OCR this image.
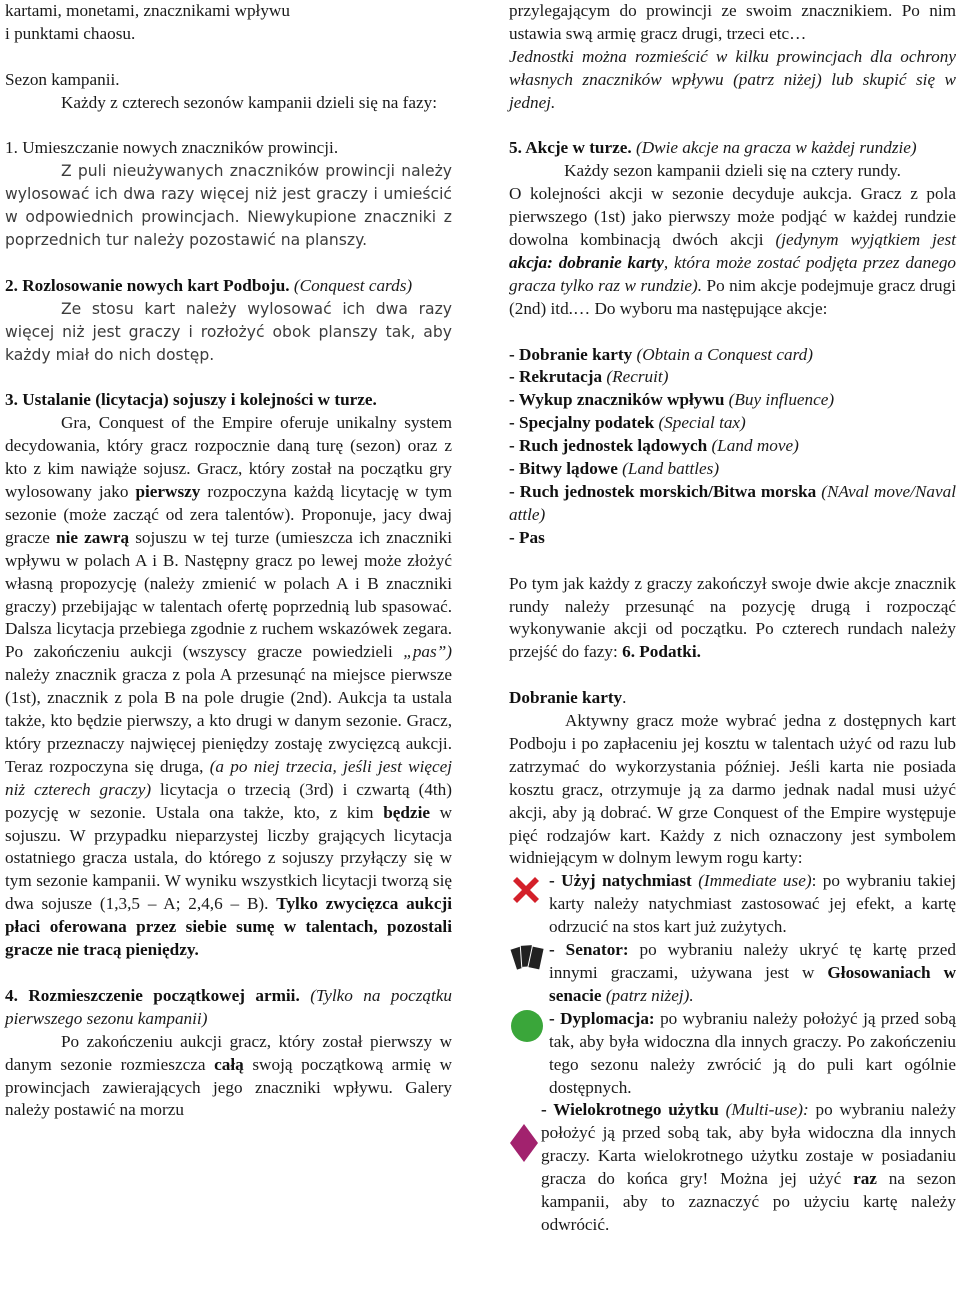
kartami, monetami, znacznikami wpływu
i punktami chaosu.

Sezon kampanii.

Każdy z czterech sezonów kampanii dzieli się na fazy:

1. Umieszczanie nowych znaczników prowincji.

Z puli nieużywanych znaczników prowincji należy wylosować ich dwa razy więcej niż jest graczy i umieścić w odpowiednich prowincjach. Niewykupione znaczniki z poprzednich tur należy pozostawić na planszy.

2. Rozlosowanie nowych kart Podboju. (Conquest cards)

Ze stosu kart należy wylosować ich dwa razy więcej niż jest graczy i rozłożyć obok planszy tak, aby każdy miał do nich dostęp.

3. Ustalanie (licytacja) sojuszy i kolejności w turze.

Gra, Conquest of the Empire oferuje unikalny system decydowania, który gracz rozpocznie daną turę (sezon) oraz z kto z kim nawiąże sojusz. Gracz, który został na początku gry wylosowany jako pierwszy rozpoczyna każdą licytację w tym sezonie (może zacząć od zera talentów). Proponuje, jacy dwaj gracze nie zawrą sojuszu w tej turze (umieszcza ich znaczniki wpływu w polach A i B. Następny gracz po lewej może złożyć własną propozycję (należy zmienić w polach A i B znaczniki graczy) przebijając w talentach ofertę poprzednią lub spasować. Dalsza licytacja przebiega zgodnie z ruchem wskazówek zegara. Po zakończeniu aukcji (wszyscy gracze powiedzieli „pas”) należy znacznik gracza z pola A przesunąć na miejsce pierwsze (1st), znacznik z pola B na pole drugie (2nd). Aukcja ta ustala także, kto będzie pierwszy, a kto drugi w danym sezonie. Gracz, który przeznaczy najwięcej pieniędzy zostaję zwycięzcą aukcji. Teraz rozpoczyna się druga, (a po niej trzecia, jeśli jest więcej niż czterech graczy) licytacja o trzecią (3rd) i czwartą (4th) pozycję w sezonie. Ustala ona także, kto, z kim będzie w sojuszu. W przypadku nieparzystej liczby grających licytacja ostatniego gracza ustala, do którego z sojuszy przyłączy się w tym sezonie kampanii. W wyniku wszystkich licytacji tworzą się dwa sojusze (1,3,5 – A; 2,4,6 – B). Tylko zwycięzca aukcji płaci oferowana przez siebie sumę w talentach, pozostali gracze nie tracą pieniędzy.

4. Rozmieszczenie początkowej armii. (Tylko na początku pierwszego sezonu kampanii)

Po zakończeniu aukcji gracz, który został pierwszy w danym sezonie rozmieszcza całą swoją początkową armię w prowincjach zawierających jego znaczniki wpływu. Galery należy postawić na morzu

przylegającym do prowincji ze swoim znacznikiem. Po nim ustawia swą armię gracz drugi, trzeci etc…

Jednostki można rozmieścić w kilku prowincjach dla ochrony własnych znaczników wpływu (patrz niżej) lub skupić się w jednej.

5. Akcje w turze. (Dwie akcje na gracza w każdej rundzie)

Każdy sezon kampanii dzieli się na cztery rundy.

O kolejności akcji w sezonie decyduje aukcja. Gracz z pola pierwszego (1st) jako pierwszy może podjąć w każdej rundzie dowolna kombinacją dwóch akcji (jedynym wyjątkiem jest akcja: dobranie karty, która może zostać podjęta przez danego gracza tylko raz w rundzie). Po nim akcje podejmuje gracz drugi (2nd) itd.… Do wyboru ma następujące akcje:

- Dobranie karty (Obtain a Conquest card)

- Rekrutacja (Recruit)

- Wykup znaczników wpływu (Buy influence)

- Specjalny podatek (Special tax)

- Ruch jednostek lądowych (Land move)

- Bitwy lądowe (Land battles)

- Ruch jednostek morskich/Bitwa morska (NAval move/Naval attle)

- Pas

Po tym jak każdy z graczy zakończył swoje dwie akcje znacznik rundy należy przesunąć na pozycję drugą i rozpocząć wykonywanie akcji od początku. Po czterech rundach należy przejść do fazy: 6. Podatki.

Dobranie karty.

Aktywny gracz może wybrać jedna z dostępnych kart Podboju i po zapłaceniu jej kosztu w talentach użyć od razu lub zatrzymać do wykorzystania później. Jeśli karta nie posiada kosztu gracz, otrzymuje ją za darmo jednak nadal musi użyć akcji, aby ją dobrać. W grze Conquest of the Empire występuje pięć rodzajów kart. Każdy z nich oznaczony jest symbolem widniejącym w dolnym lewym rogu karty:

- Użyj natychmiast (Immediate use): po wybraniu takiej karty należy natychmiast zastosować jej efekt, a kartę odrzucić na stos kart już zużytych.

- Senator: po wybraniu należy ukryć tę kartę przed innymi graczami, używana jest w Głosowaniach w senacie (patrz niżej).

- Dyplomacja: po wybraniu należy położyć ją przed sobą tak, aby była widoczna dla innych graczy. Po zakończeniu tego sezonu należy zwrócić ją do puli kart ogólnie dostępnych.

- Wielokrotnego użytku (Multi-use): po wybraniu należy położyć ją przed sobą tak, aby była widoczna dla innych graczy. Karta wielokrotnego użytku zostaje w posiadaniu gracza do końca gry! Można jej użyć raz na sezon kampanii, aby to zaznaczyć po użyciu kartę należy odwrócić.
